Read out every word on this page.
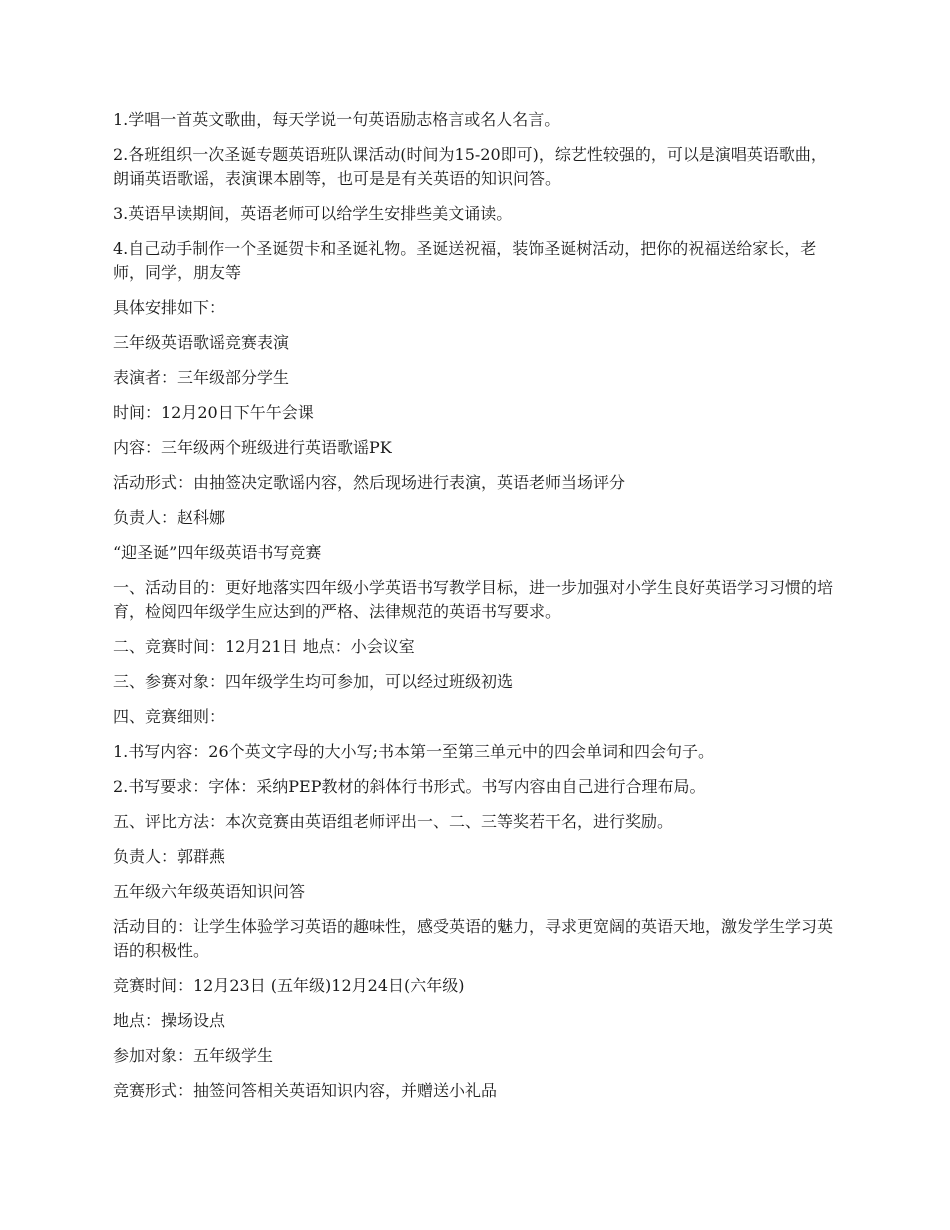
1.学唱一首英文歌曲，每天学说一句英语励志格言或名人名言。

2.各班组织一次圣诞专题英语班队课活动(时间为15-20即可)，综艺性较强的，可以是演唱英语歌曲，朗诵英语歌谣，表演课本剧等，也可是是有关英语的知识问答。

3.英语早读期间，英语老师可以给学生安排些美文诵读。

4.自己动手制作一个圣诞贺卡和圣诞礼物。圣诞送祝福，装饰圣诞树活动，把你的祝福送给家长，老师，同学，朋友等

具体安排如下：

三年级英语歌谣竞赛表演

表演者：三年级部分学生

时间：12月20日下午午会课

内容：三年级两个班级进行英语歌谣PK

活动形式：由抽签决定歌谣内容，然后现场进行表演，英语老师当场评分

负责人：赵科娜

“迎圣诞”四年级英语书写竞赛

一、活动目的：更好地落实四年级小学英语书写教学目标，进一步加强对小学生良好英语学习习惯的培育，检阅四年级学生应达到的严格、法律规范的英语书写要求。

二、竞赛时间：12月21日 地点：小会议室

三、参赛对象：四年级学生均可参加，可以经过班级初选

四、竞赛细则：

1.书写内容：26个英文字母的大小写;书本第一至第三单元中的四会单词和四会句子。

2.书写要求：字体：采纳PEP教材的斜体行书形式。书写内容由自己进行合理布局。

五、评比方法：本次竞赛由英语组老师评出一、二、三等奖若干名，进行奖励。

负责人：郭群燕

五年级六年级英语知识问答

活动目的：让学生体验学习英语的趣味性，感受英语的魅力，寻求更宽阔的英语天地，激发学生学习英语的积极性。

竞赛时间：12月23日 (五年级)12月24日(六年级)

地点：操场设点

参加对象：五年级学生

竞赛形式：抽签问答相关英语知识内容，并赠送小礼品
